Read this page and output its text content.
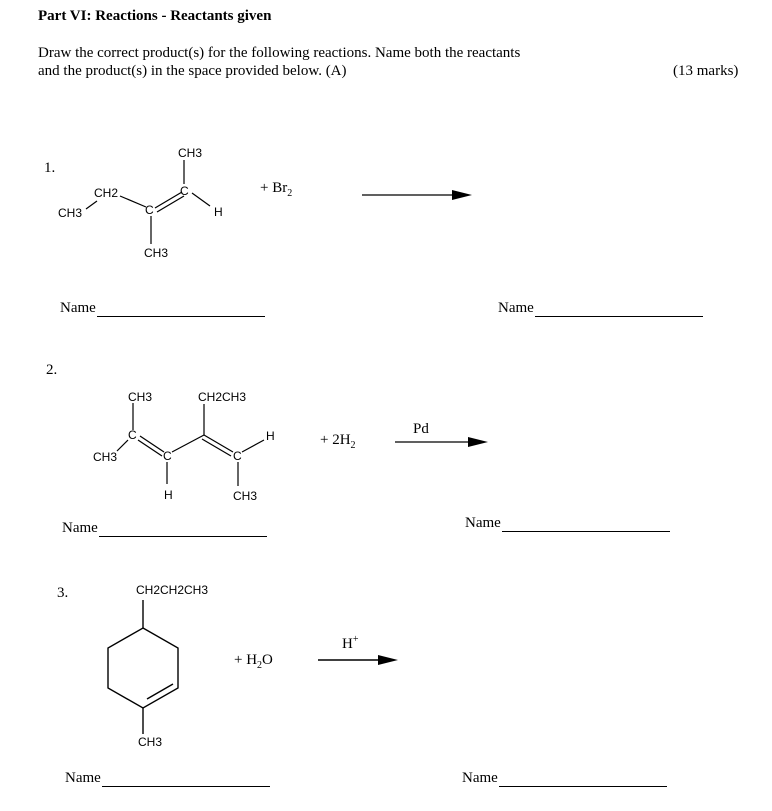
Part VI: Reactions - Reactants given
Draw the correct product(s) for the following reactions. Name both the reactants
and the product(s) in the space provided below. (A)	(13 marks)
1.
CH3
CH2
CH3	C
C
H
CH3
+ $Br_2$
Name	Name
2.
CH3	CH2CH3
C
CH3	C
H
H
C
CH3
+ $2H_2$
Pd
Name	Name
3.	CH2CH2CH3
CH3
+ $H_2O$
H+
Name	Name
